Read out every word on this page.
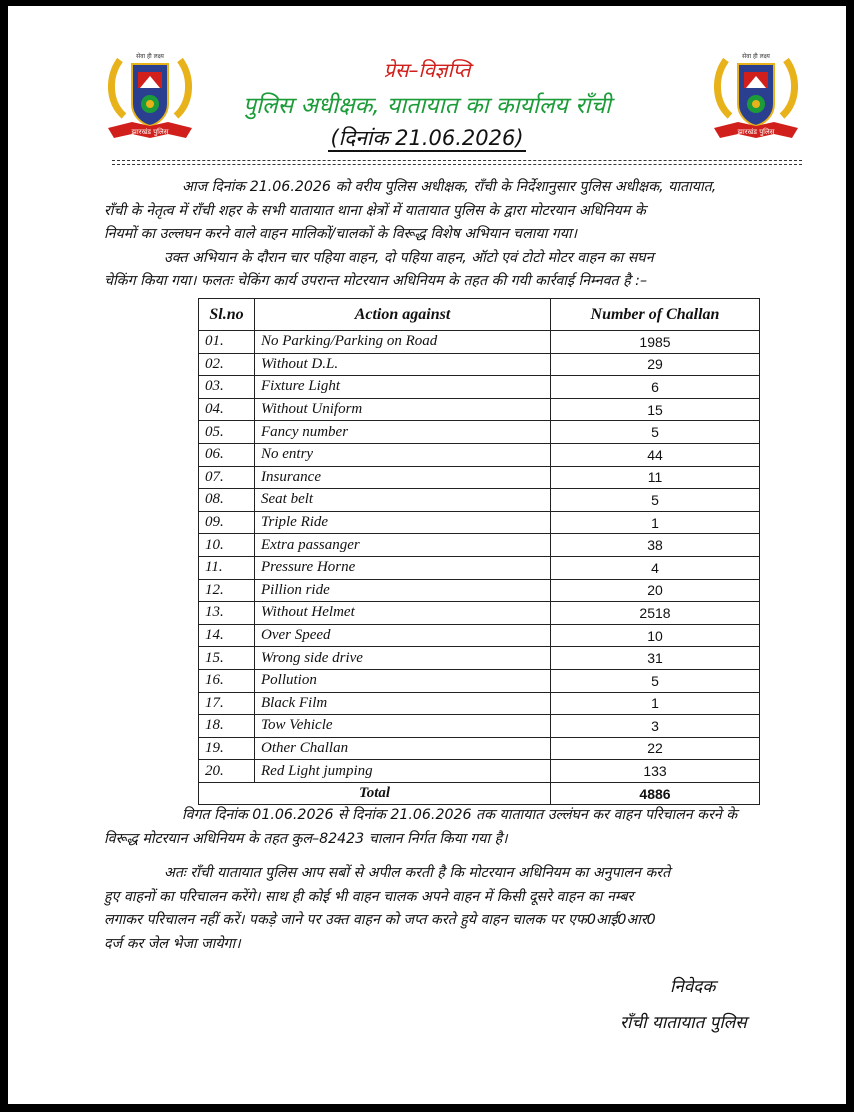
झारखंड पुलिस
सेवा ही लक्ष्य
झारखंड पुलिस
सेवा ही लक्ष्य
प्रेस–विज्ञप्ति
पुलिस अधीक्षक, यातायात का कार्यालय राँची
(दिनांक 21.06.2026)
आज दिनांक 21.06.2026 को वरीय पुलिस अधीक्षक, राँची के निर्देशानुसार पुलिस अधीक्षक, यातायात,
राँची के नेतृत्व में राँची शहर के सभी यातायात थाना क्षेत्रों में यातायात पुलिस के द्वारा मोटरयान अधिनियम के
नियमों का उल्लघन करने वाले वाहन मालिकों/चालकों के विरूद्ध विशेष अभियान चलाया गया।
उक्त अभियान के दौरान चार पहिया वाहन, दो पहिया वाहन, ऑटो एवं टोटो मोटर वाहन का सघन
चेकिंग किया गया। फलतः चेकिंग कार्य उपरान्त मोटरयान अधिनियम के तहत की गयी कार्रवाई निम्नवत है :–
Sl.no	Action against	Number of Challan
01.	No Parking/Parking on Road	1985
02.	Without D.L.	29
03.	Fixture Light	6
04.	Without Uniform	15
05.	Fancy number	5
06.	No entry	44
07.	Insurance	11
08.	Seat belt	5
09.	Triple Ride	1
10.	Extra passanger	38
11.	Pressure Horne	4
12.	Pillion ride	20
13.	Without Helmet	2518
14.	Over Speed	10
15.	Wrong side drive	31
16.	Pollution	5
17.	Black Film	1
18.	Tow Vehicle	3
19.	Other Challan	22
20.	Red Light jumping	133
Total		4886
विगत दिनांक 01.06.2026 से दिनांक 21.06.2026 तक यातायात उल्लंघन कर वाहन परिचालन करने के
विरूद्ध मोटरयान अधिनियम के तहत कुल–82423 चालान निर्गत किया गया है।
अतः राँची यातायात पुलिस आप सबों से अपील करती है कि मोटरयान अधिनियम का अनुपालन करते
हुए वाहनों का परिचालन करेंगे। साथ ही कोई भी वाहन चालक अपने वाहन में किसी दूसरे वाहन का नम्बर
लगाकर परिचालन नहीं करें। पकड़े जाने पर उक्त वाहन को जप्त करते हुये वाहन चालक पर एफ0आई0आर0
दर्ज कर जेल भेजा जायेगा।
निवेदक
राँची यातायात पुलिस
